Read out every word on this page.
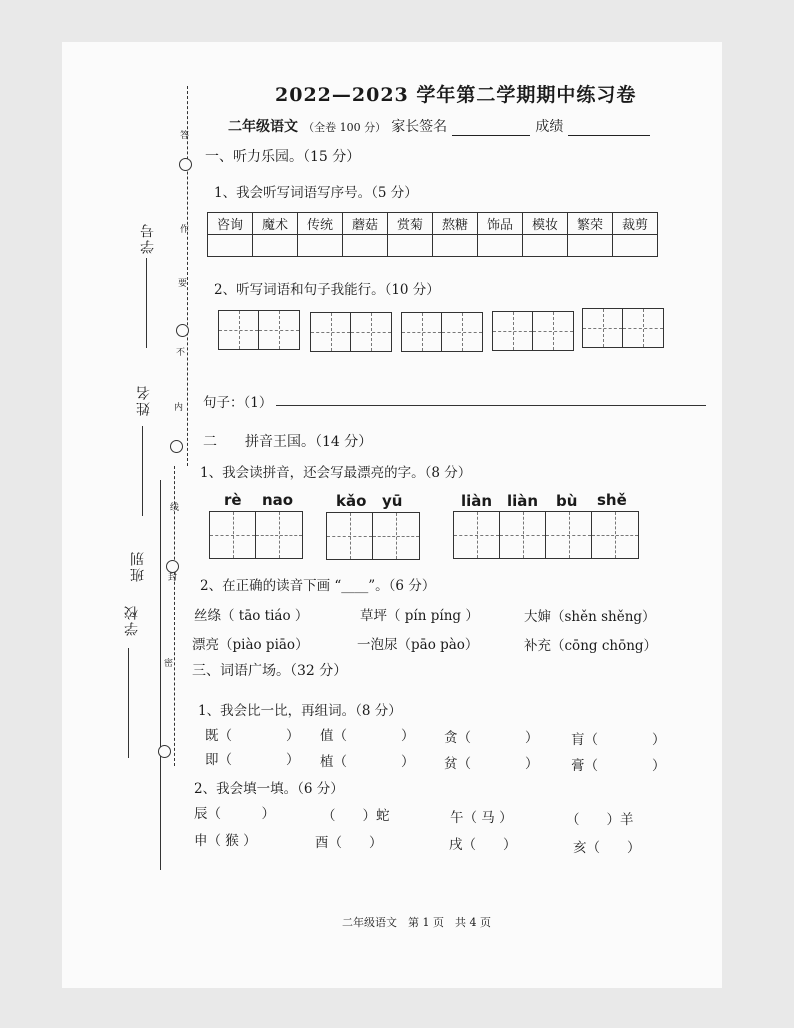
答
作
要
不
内
线
封
密
学号
姓名
学校
班别
2022—2023 学年第二学期期中练习卷
二年级语文 （全卷 100 分） 家长签名	成绩
一、听力乐园。（15 分）
1、我会听写词语写序号。（5 分）
咨询	魔术	传统	蘑菇	赏菊	熬糖	饰品	模妆	繁荣	裁剪

2、听写词语和句子我能行。（10 分）
句子：（1）
二　　拼音王国。（14 分）
1、我会读拼音，还会写最漂亮的字。（8 分）
rè nao	kǎo yū	liàn liàn bù shě
2、在正确的读音下画 “____”。（6 分）
丝绦（ tāo tiáo ）	草坪（ pín píng ）	大婶（shěn shěng）
漂亮（piào piāo）	一泡尿（pāo pào）	补充（cōng chōng）
三、词语广场。（32 分）
1、我会比一比，再组词。（8 分）
既（　　　　） 值（　　　　） 贪（　　　　） 肓（　　　　）
即（　　　　） 植（　　　　） 贫（　　　　） 膏（　　　　）
2、我会填一填。（6 分）
辰（　　　）	（　　）蛇	午（ 马 ）	（　　）羊
申（ 猴 ）	酉（　　）	戌（　　）	亥（　　）
二年级语文　第 1 页　共 4 页
